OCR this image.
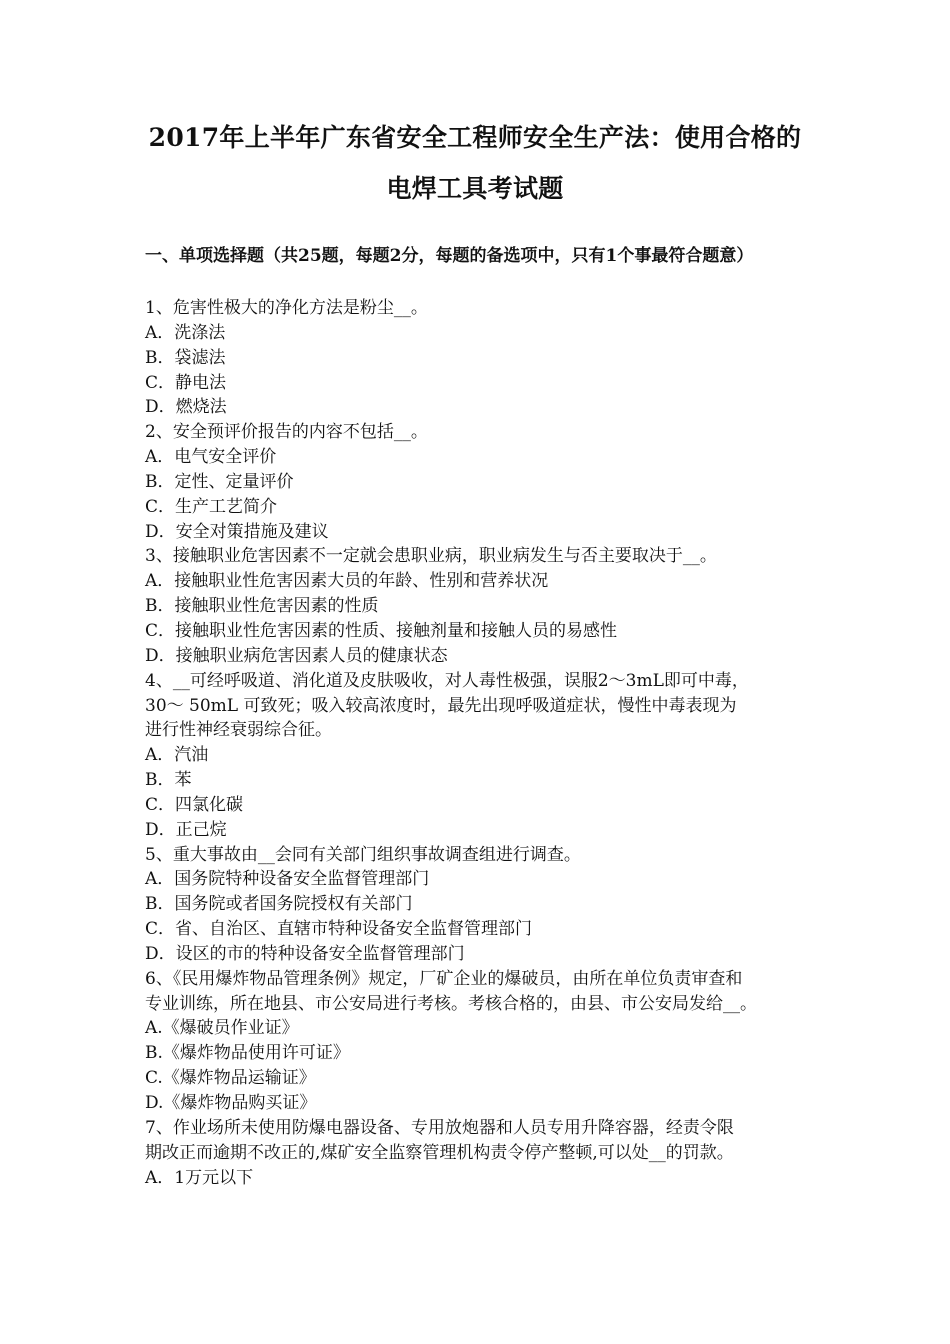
2017年上半年广东省安全工程师安全生产法：使用合格的

电焊工具考试题

一、单项选择题（共25题，每题2分，每题的备选项中，只有1个事最符合题意）

1、危害性极大的净化方法是粉尘__。

A．洗涤法

B．袋滤法

C．静电法

D．燃烧法

2、安全预评价报告的内容不包括__。

A．电气安全评价

B．定性、定量评价

C．生产工艺简介

D．安全对策措施及建议

3、接触职业危害因素不一定就会患职业病，职业病发生与否主要取决于__。

A．接触职业性危害因素大员的年龄、性别和营养状况

B．接触职业性危害因素的性质

C．接触职业性危害因素的性质、接触剂量和接触人员的易感性

D．接触职业病危害因素人员的健康状态

4、__可经呼吸道、消化道及皮肤吸收，对人毒性极强，误服2～3mL即可中毒，

30～ 50mL 可致死；吸入较高浓度时，最先出现呼吸道症状，慢性中毒表现为

进行性神经衰弱综合征。

A．汽油

B．苯

C．四氯化碳

D．正己烷

5、重大事故由__会同有关部门组织事故调查组进行调查。

A．国务院特种设备安全监督管理部门

B．国务院或者国务院授权有关部门

C．省、自治区、直辖市特种设备安全监督管理部门

D．设区的市的特种设备安全监督管理部门

6、《民用爆炸物品管理条例》规定，厂矿企业的爆破员，由所在单位负责审查和

专业训练，所在地县、市公安局进行考核。考核合格的，由县、市公安局发给__。

A.《爆破员作业证》

B.《爆炸物品使用许可证》

C.《爆炸物品运输证》

D.《爆炸物品购买证》

7、作业场所未使用防爆电器设备、专用放炮器和人员专用升降容器，经责令限

期改正而逾期不改正的,煤矿安全监察管理机构责令停产整顿,可以处__的罚款。

A．1万元以下
